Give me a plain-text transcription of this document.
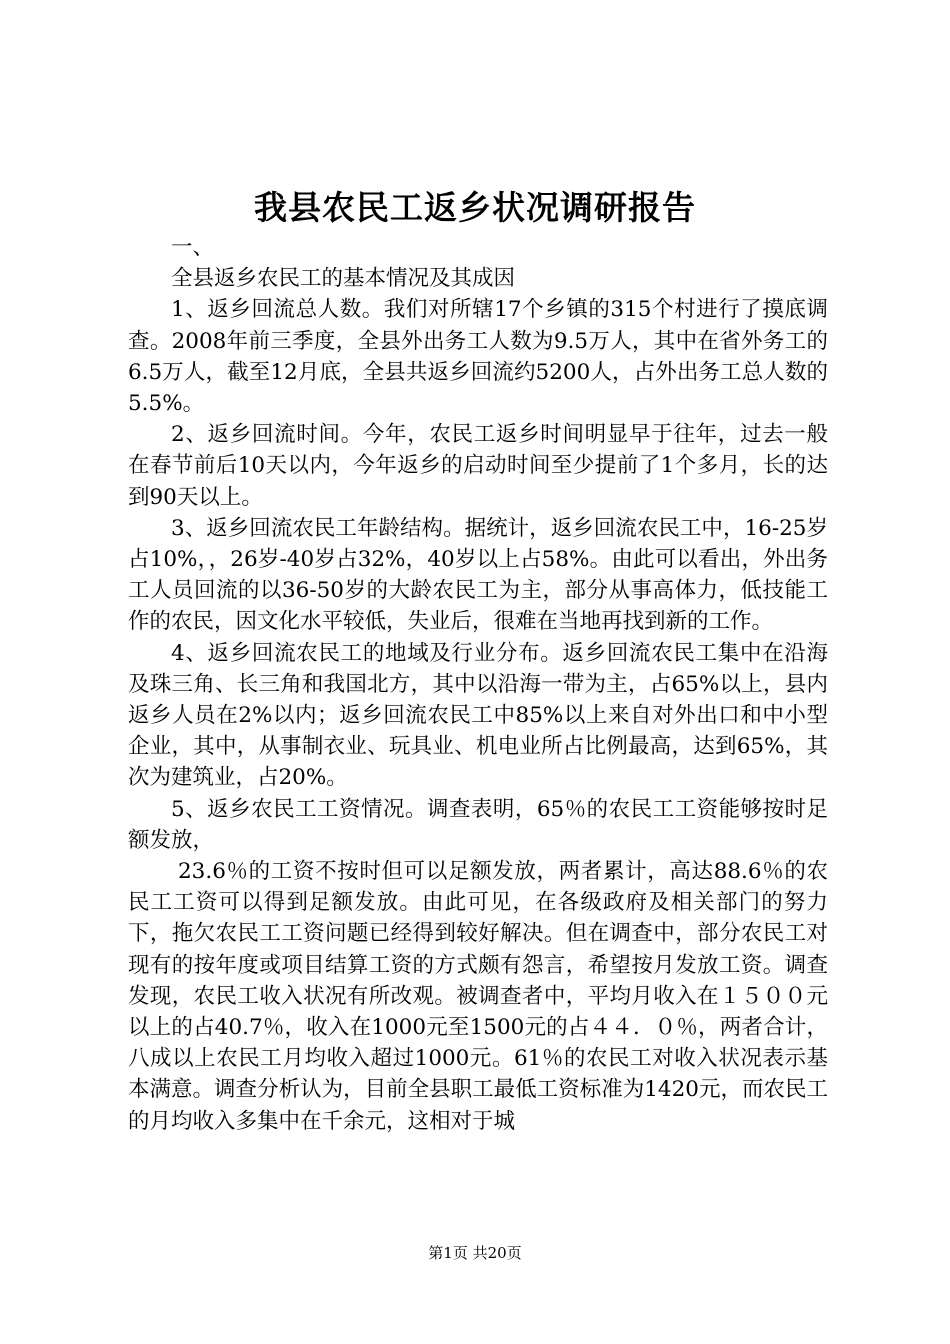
我县农民工返乡状况调研报告

一、

全县返乡农民工的基本情况及其成因

1、返乡回流总人数。我们对所辖17个乡镇的315个村进行了摸底调查。2008年前三季度，全县外出务工人数为9.5万人，其中在省外务工的6.5万人，截至12月底，全县共返乡回流约5200人，占外出务工总人数的5.5%。

2、返乡回流时间。今年，农民工返乡时间明显早于往年，过去一般在春节前后10天以内，今年返乡的启动时间至少提前了1个多月，长的达到90天以上。

3、返乡回流农民工年龄结构。据统计，返乡回流农民工中，16-25岁占10%，，26岁-40岁占32%，40岁以上占58%。由此可以看出，外出务工人员回流的以36-50岁的大龄农民工为主，部分从事高体力，低技能工作的农民，因文化水平较低，失业后，很难在当地再找到新的工作。

4、返乡回流农民工的地域及行业分布。返乡回流农民工集中在沿海及珠三角、长三角和我国北方，其中以沿海一带为主，占65%以上，县内返乡人员在2%以内；返乡回流农民工中85%以上来自对外出口和中小型企业，其中，从事制衣业、玩具业、机电业所占比例最高，达到65%，其次为建筑业，占20%。

5、返乡农民工工资情况。调查表明，65％的农民工工资能够按时足额发放，

23.6％的工资不按时但可以足额发放，两者累计，高达88.6％的农民工工资可以得到足额发放。由此可见，在各级政府及相关部门的努力下，拖欠农民工工资问题已经得到较好解决。但在调查中，部分农民工对现有的按年度或项目结算工资的方式颇有怨言，希望按月发放工资。调查发现，农民工收入状况有所改观。被调查者中，平均月收入在１５００元以上的占40.7％，收入在1000元至1500元的占４４．０％，两者合计，八成以上农民工月均收入超过1000元。61％的农民工对收入状况表示基本满意。调查分析认为，目前全县职工最低工资标准为1420元，而农民工的月均收入多集中在千余元，这相对于城

第1页 共20页
